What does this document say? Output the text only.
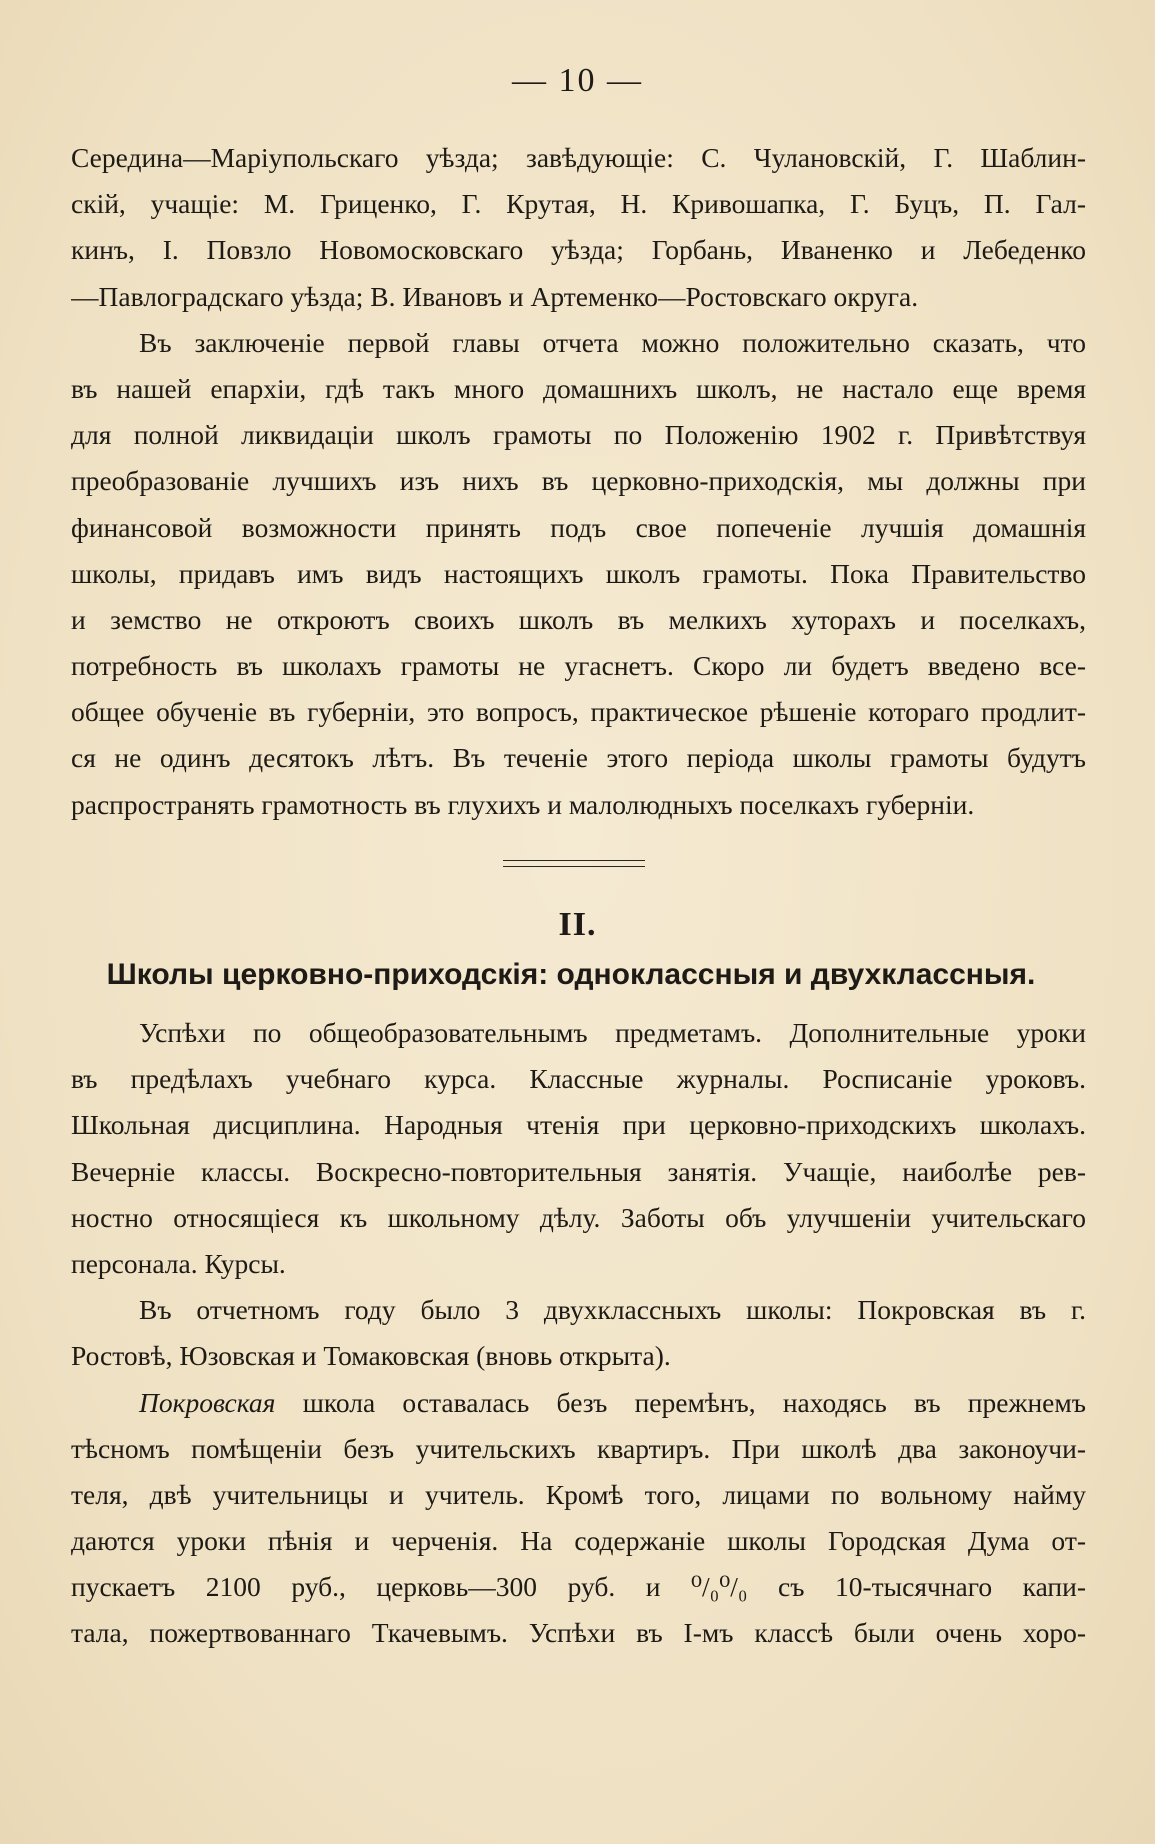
— 10 —
Середина—Маріупольскаго уѣзда; завѣдующіе: С. Чулановскій, Г. Шаблин-
скій, учащіе: М. Гриценко, Г. Крутая, Н. Кривошапка, Г. Буцъ, П. Гал-
кинъ, І. Повзло Новомосковскаго уѣзда; Горбань, Иваненко и Лебеденко
—Павлоградскаго уѣзда; В. Ивановъ и Артеменко—Ростовскаго округа.
Въ заключеніе первой главы отчета можно положительно сказать, что
въ нашей епархіи, гдѣ такъ много домашнихъ школъ, не настало еще время
для полной ликвидаціи школъ грамоты по Положенію 1902 г. Привѣтствуя
преобразованіе лучшихъ изъ нихъ въ церковно-приходскія, мы должны при
финансовой возможности принять подъ свое попеченіе лучшія домашнія
школы, придавъ имъ видъ настоящихъ школъ грамоты. Пока Правительство
и земство не откроютъ своихъ школъ въ мелкихъ хуторахъ и поселкахъ,
потребность въ школахъ грамоты не угаснетъ. Скоро ли будетъ введено все-
общее обученіе въ губерніи, это вопросъ, практическое рѣшеніе котораго продлит-
ся не одинъ десятокъ лѣтъ. Въ теченіе этого періода школы грамоты будутъ
распространять грамотность въ глухихъ и малолюдныхъ поселкахъ губерніи.
II.
Школы церковно-приходскія: одноклассныя и двухклассныя.
Успѣхи по общеобразовательнымъ предметамъ. Дополнительные уроки
въ предѣлахъ учебнаго курса. Классные журналы. Росписаніе уроковъ.
Школьная дисциплина. Народныя чтенія при церковно-приходскихъ школахъ.
Вечерніе классы. Воскресно-повторительныя занятія. Учащіе, наиболѣе рев-
ностно относящіеся къ школьному дѣлу. Заботы объ улучшеніи учительскаго
персонала. Курсы.
Въ отчетномъ году было 3 двухклассныхъ школы: Покровская въ г.
Ростовѣ, Юзовская и Томаковская (вновь открыта).
Покровская школа оставалась безъ перемѣнъ, находясь въ прежнемъ
тѣсномъ помѣщеніи безъ учительскихъ квартиръ. При школѣ два законоучи-
теля, двѣ учительницы и учитель. Кромѣ того, лицами по вольному найму
даются уроки пѣнія и черченія. На содержаніе школы Городская Дума от-
пускаетъ 2100 руб., церковь—300 руб. и ⁰/₀⁰/₀ съ 10-тысячнаго капи-
тала, пожертвованнаго Ткачевымъ. Успѣхи въ І-мъ классѣ были очень хоро-
